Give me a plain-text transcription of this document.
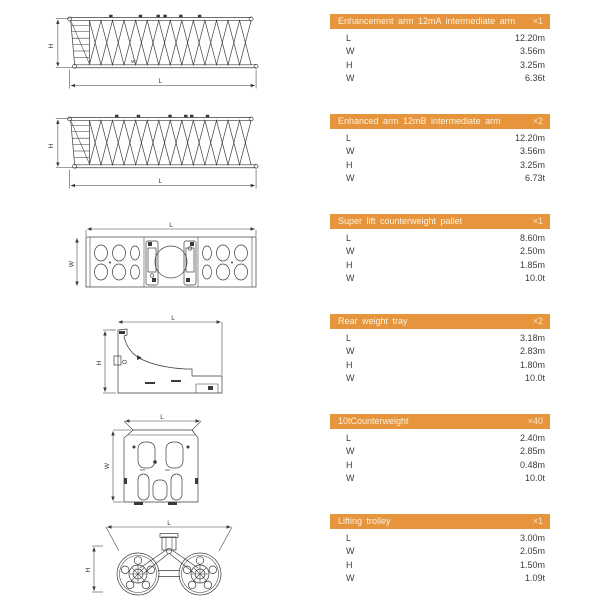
H
W
L
H
L
L
W
L
H
L
W
L
H
Enhancement arm 12mA intermediate arm ×1
L	12.20m
W	3.56m
H	3.25m
W	6.36t
Enhanced arm 12mB intermediate arm	×2
L	12.20m
W	3.56m
H	3.25m
W	6.73t
Super lift counterweight pallet	×1
L	8.60m
W	2.50m
H	1.85m
W	10.0t
Rear weight tray	×2
L	3.18m
W	2.83m
H	1.80m
W	10.0t
10tCounterweight	×40
L	2.40m
W	2.85m
H	0.48m
W	10.0t
Lifting trolley	×1
L	3.00m
W	2.05m
H	1.50m
W	1.09t
